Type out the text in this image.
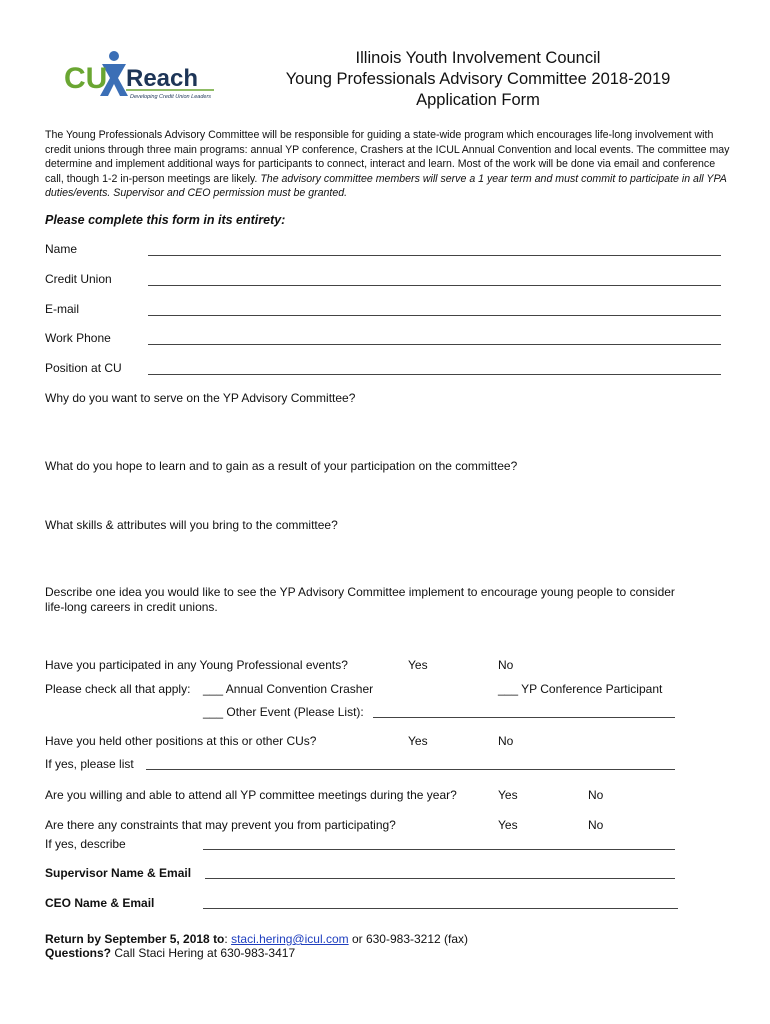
CU Reach
Developing Credit Union Leaders
Illinois Youth Involvement Council
Young Professionals Advisory Committee 2018-2019
Application Form
The Young Professionals Advisory Committee will be responsible for guiding a state-wide program which encourages life-long involvement with credit unions through three main programs: annual YP conference, Crashers at the ICUL Annual Convention and local events. The committee may determine and implement additional ways for participants to connect, interact and learn. Most of the work will be done via email and conference call, though 1-2 in-person meetings are likely. The advisory committee members will serve a 1 year term and must commit to participate in all YPA duties/events. Supervisor and CEO permission must be granted.
Please complete this form in its entirety:
Name
Credit Union
E-mail
Work Phone
Position at CU
Why do you want to serve on the YP Advisory Committee?
What do you hope to learn and to gain as a result of your participation on the committee?
What skills & attributes will you bring to the committee?
Describe one idea you would like to see the YP Advisory Committee implement to encourage young people to consider
life-long careers in credit unions.
Have you participated in any Young Professional events?	Yes	No
Please check all that apply: ___ Annual Convention Crasher	___ YP Conference Participant
___ Other Event (Please List):
Have you held other positions at this or other CUs?	Yes	No
If yes, please list
Are you willing and able to attend all YP committee meetings during the year?	Yes	No
Are there any constraints that may prevent you from participating?	Yes	No
If yes, describe
Supervisor Name & Email
CEO Name & Email
Return by September 5, 2018 to: staci.hering@icul.com or 630-983-3212 (fax)
Questions? Call Staci Hering at 630-983-3417
